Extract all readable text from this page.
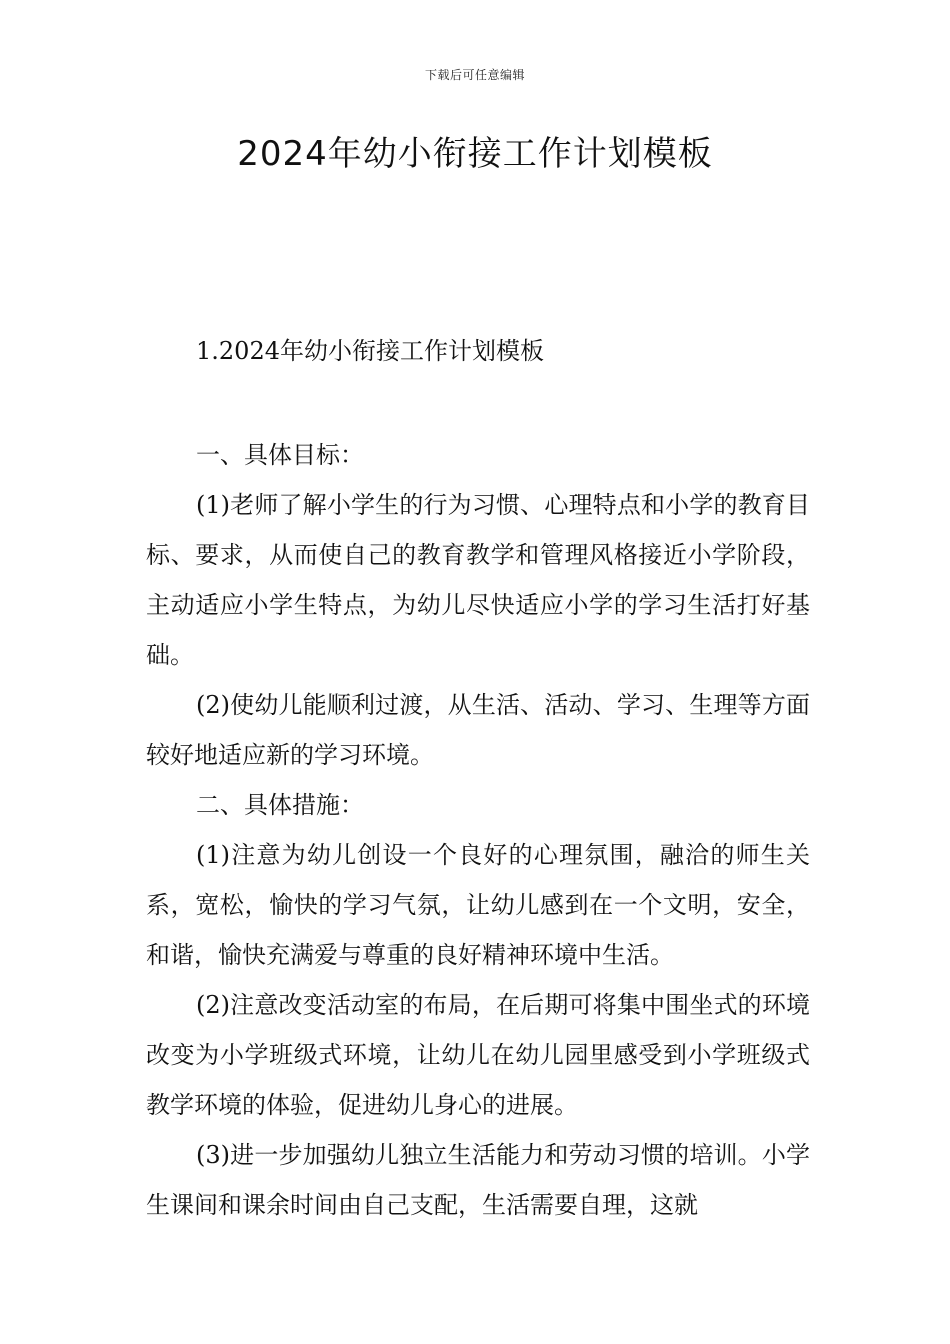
下载后可任意编辑
2024年幼小衔接工作计划模板
1.2024年幼小衔接工作计划模板

一、具体目标：

(1)老师了解小学生的行为习惯、心理特点和小学的教育目标、要求，从而使自己的教育教学和管理风格接近小学阶段，主动适应小学生特点，为幼儿尽快适应小学的学习生活打好基础。

(2)使幼儿能顺利过渡，从生活、活动、学习、生理等方面较好地适应新的学习环境。

二、具体措施：

(1)注意为幼儿创设一个良好的心理氛围，融洽的师生关系，宽松，愉快的学习气氛，让幼儿感到在一个文明，安全，和谐，愉快充满爱与尊重的良好精神环境中生活。

(2)注意改变活动室的布局，在后期可将集中围坐式的环境改变为小学班级式环境，让幼儿在幼儿园里感受到小学班级式教学环境的体验，促进幼儿身心的进展。

(3)进一步加强幼儿独立生活能力和劳动习惯的培训。小学生课间和课余时间由自己支配，生活需要自理，这就
